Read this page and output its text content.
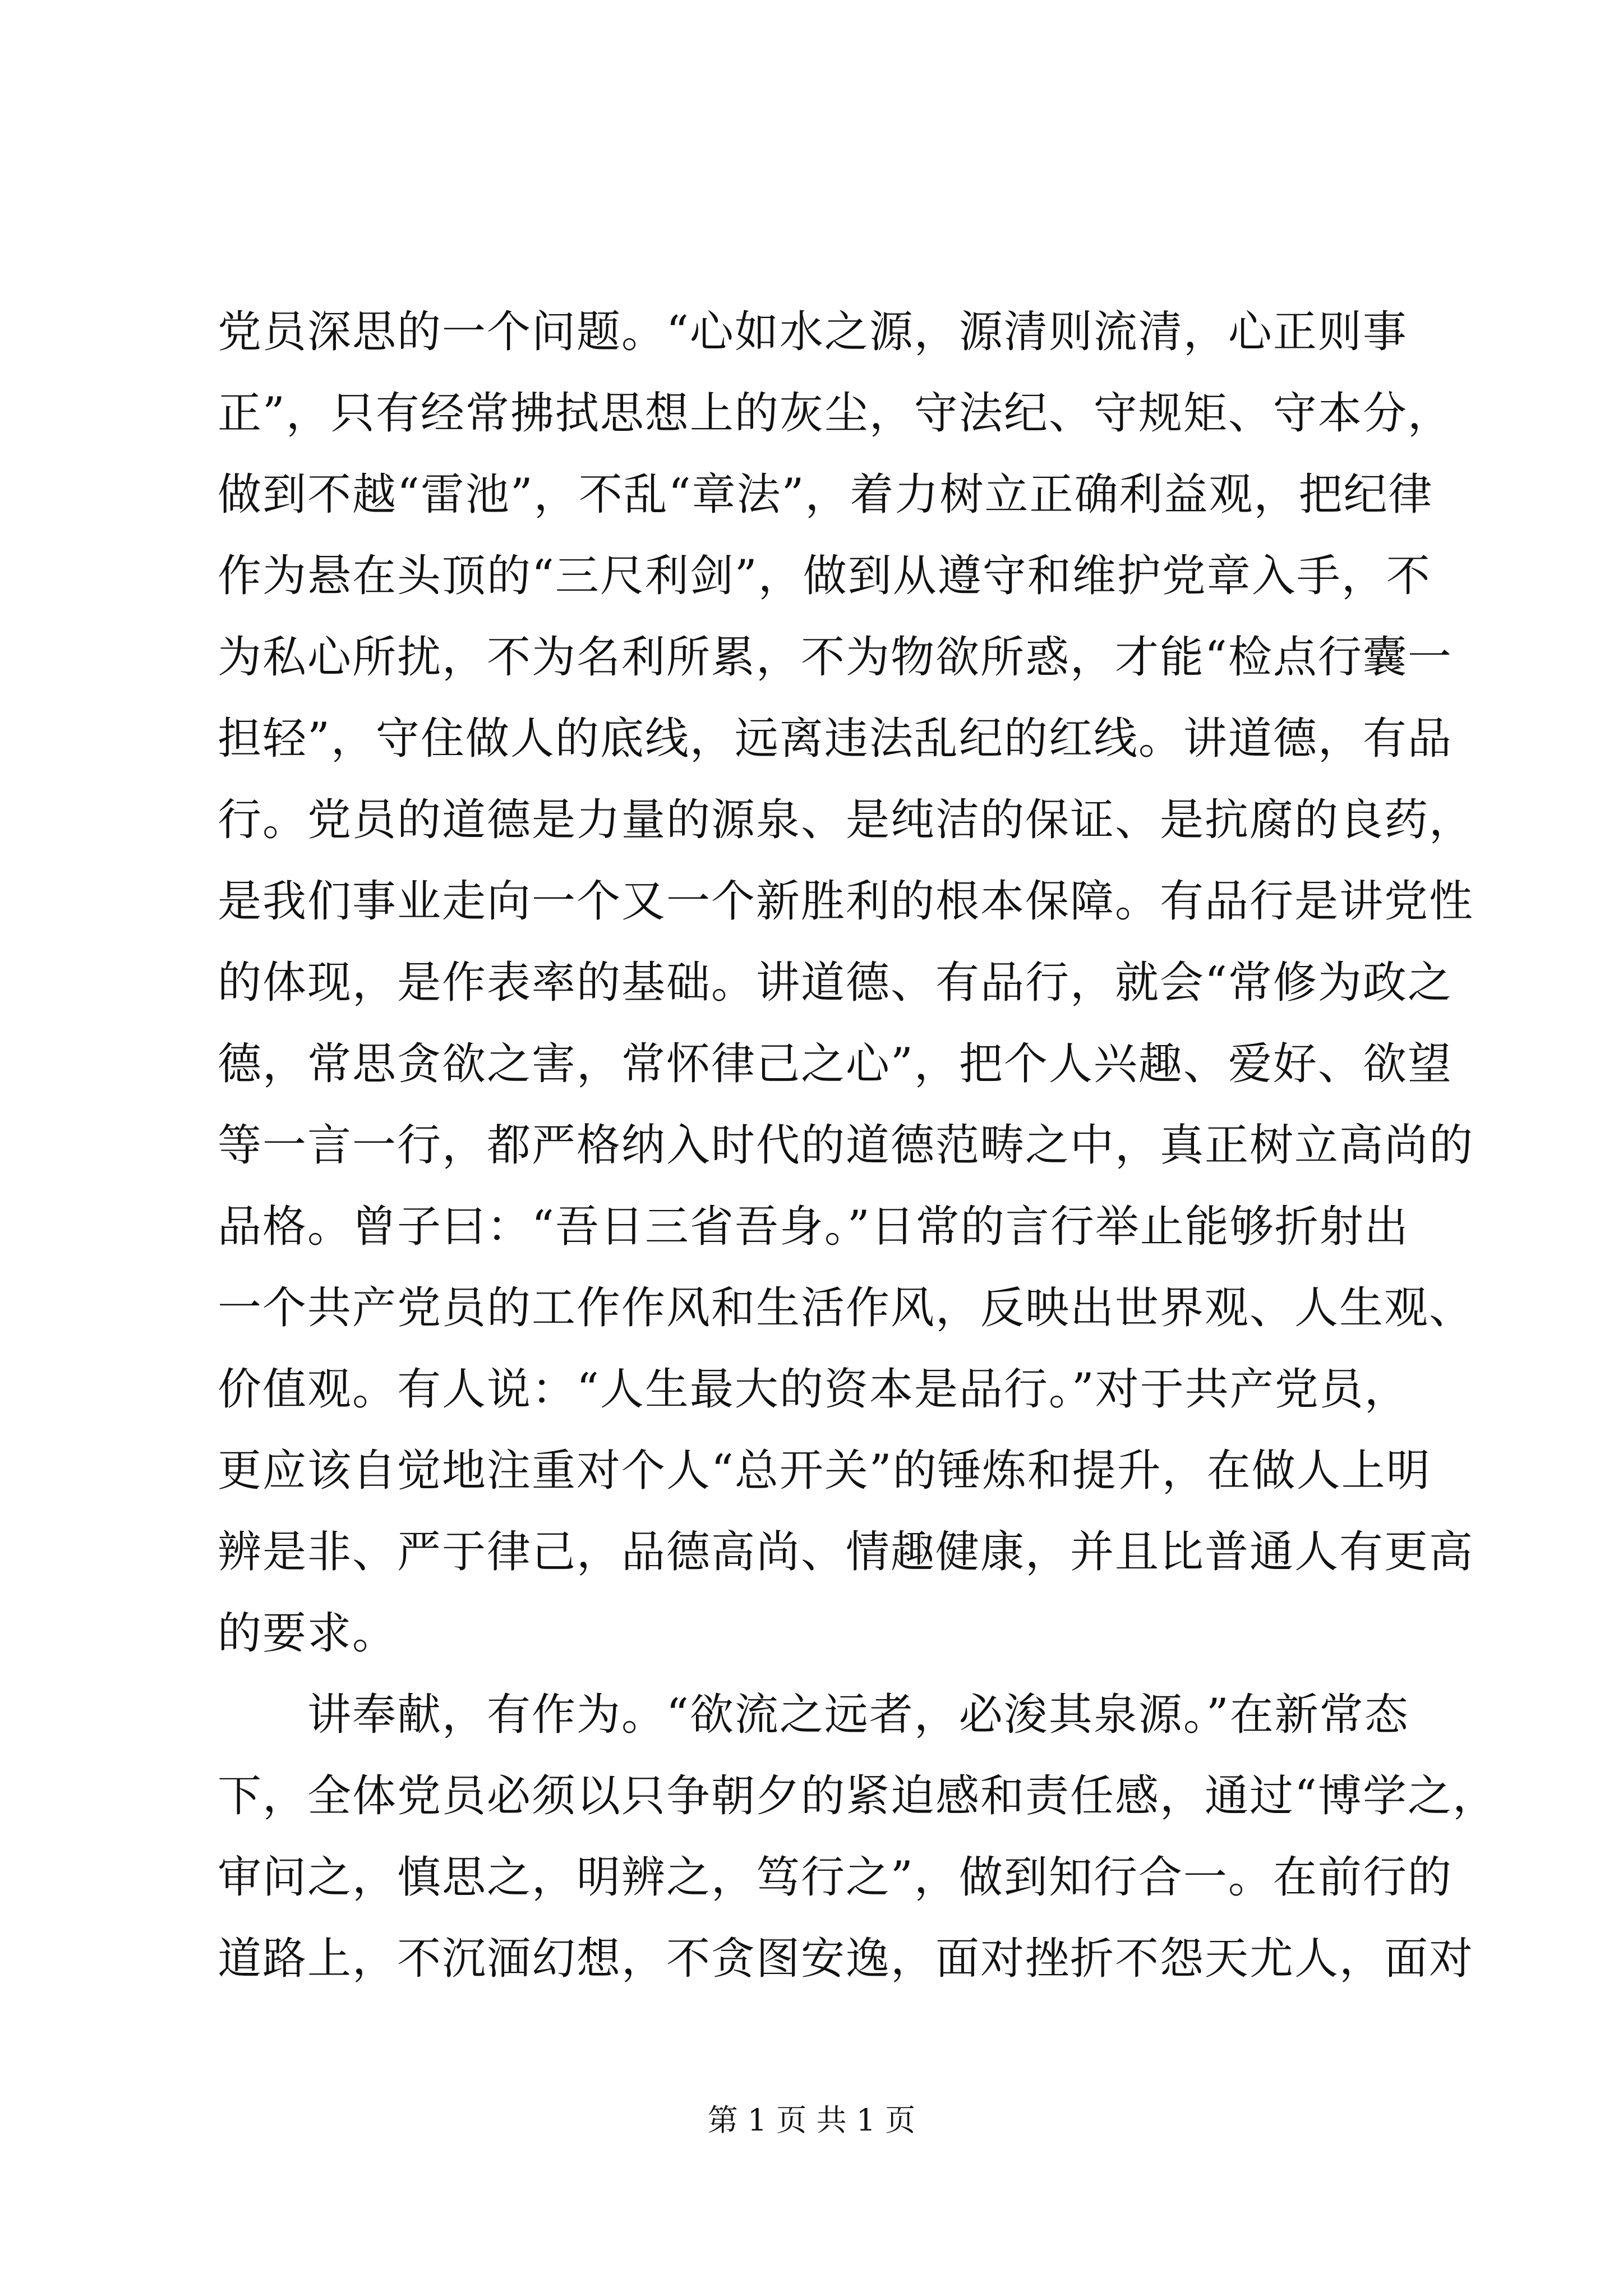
党员深思的一个问题。“心如水之源，源清则流清，心正则事
正”，只有经常拂拭思想上的灰尘，守法纪、守规矩、守本分，
做到不越“雷池”，不乱“章法”，着力树立正确利益观，把纪律
作为悬在头顶的“三尺利剑”，做到从遵守和维护党章入手，不
为私心所扰，不为名利所累，不为物欲所惑，才能“检点行囊一
担轻”，守住做人的底线，远离违法乱纪的红线。讲道德，有品
行。党员的道德是力量的源泉、是纯洁的保证、是抗腐的良药，
是我们事业走向一个又一个新胜利的根本保障。有品行是讲党性
的体现，是作表率的基础。讲道德、有品行，就会“常修为政之
德，常思贪欲之害，常怀律己之心”，把个人兴趣、爱好、欲望
等一言一行，都严格纳入时代的道德范畴之中，真正树立高尚的
品格。曾子曰：“吾日三省吾身。”日常的言行举止能够折射出
一个共产党员的工作作风和生活作风，反映出世界观、人生观、
价值观。有人说：“人生最大的资本是品行。”对于共产党员，
更应该自觉地注重对个人“总开关”的锤炼和提升，在做人上明
辨是非、严于律己，品德高尚、情趣健康，并且比普通人有更高
的要求。
　　讲奉献，有作为。“欲流之远者，必浚其泉源。”在新常态
下，全体党员必须以只争朝夕的紧迫感和责任感，通过“博学之，
审问之，慎思之，明辨之，笃行之”，做到知行合一。在前行的
道路上，不沉湎幻想，不贪图安逸，面对挫折不怨天尤人，面对
第 1 页 共 1 页
